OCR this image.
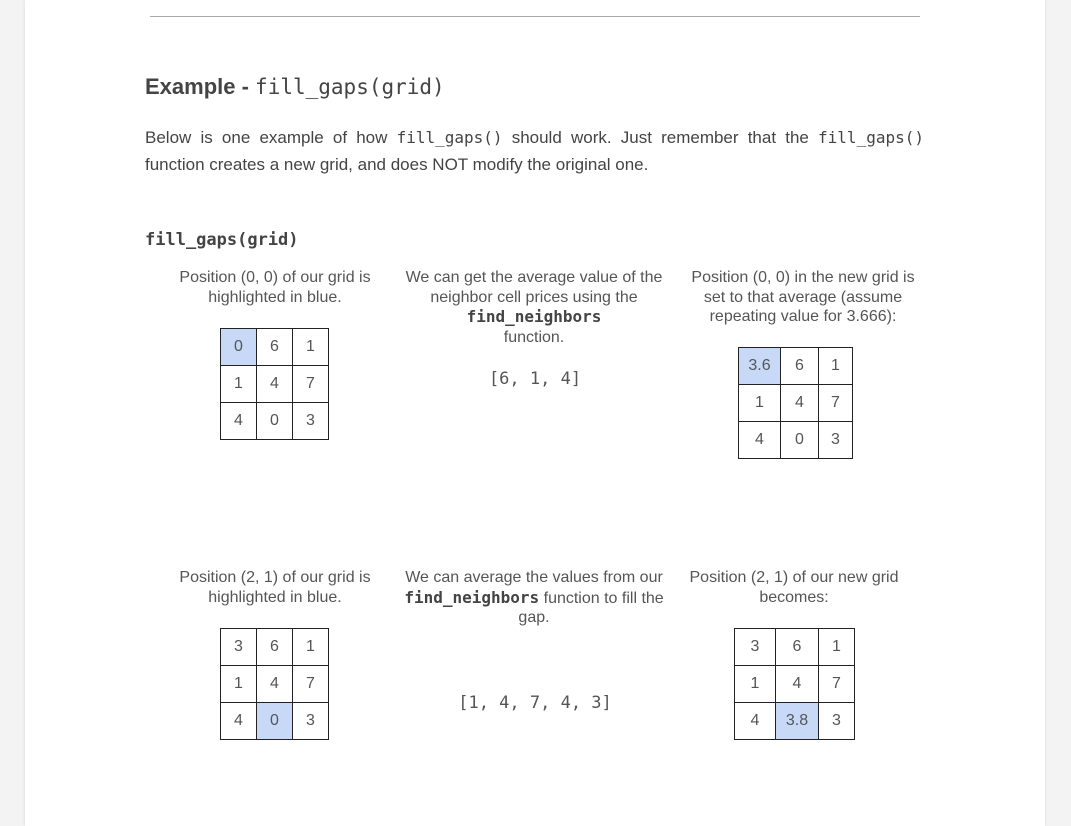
Example - fill_gaps(grid)

Below is one example of how fill_gaps() should work. Just remember that the fill_gaps() function creates a new grid, and does NOT modify the original one.

fill_gaps(grid)

Position (0, 0) of our grid is highlighted in blue.

0	6	1
1	4	7
4	0	3

We can get the average value of the neighbor cell prices using the find_neighbors
function.

[6, 1, 4]

Position (0, 0) in the new grid is set to that average (assume repeating value for 3.666):

3.6	6	1
1	4	7
4	0	3

Position (2, 1) of our grid is highlighted in blue.

3	6	1
1	4	7
4	0	3

We can average the values from our find_neighbors function to fill the gap.

[1, 4, 7, 4, 3]

Position (2, 1) of our new grid becomes:

3	6	1
1	4	7
4	3.8	3
